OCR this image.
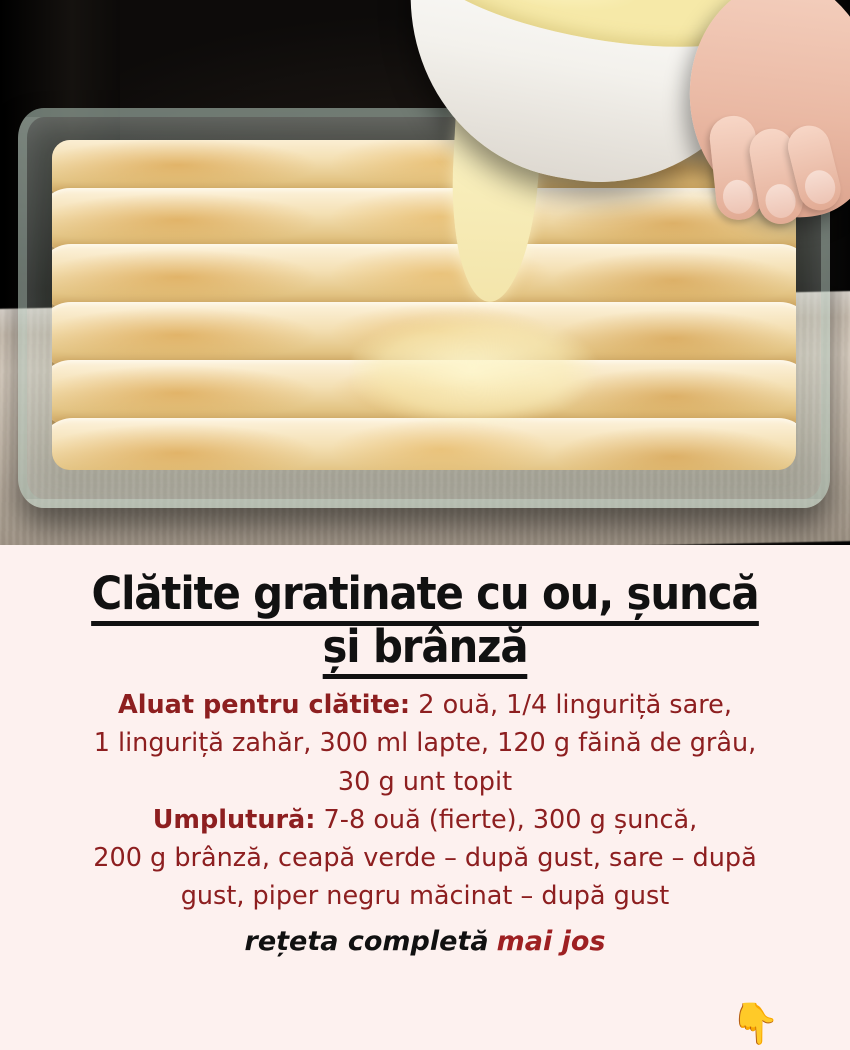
Clătite gratinate cu ou, șuncă
și brânză

Aluat pentru clătite: 2 ouă, 1/4 linguriță sare,

1 linguriță zahăr, 300 ml lapte, 120 g făină de grâu,

30 g unt topit

Umplutură: 7-8 ouă (fierte), 300 g șuncă,

200 g brânză, ceapă verde – după gust, sare – după

gust, piper negru măcinat – după gust

rețeta completă mai jos
👇
